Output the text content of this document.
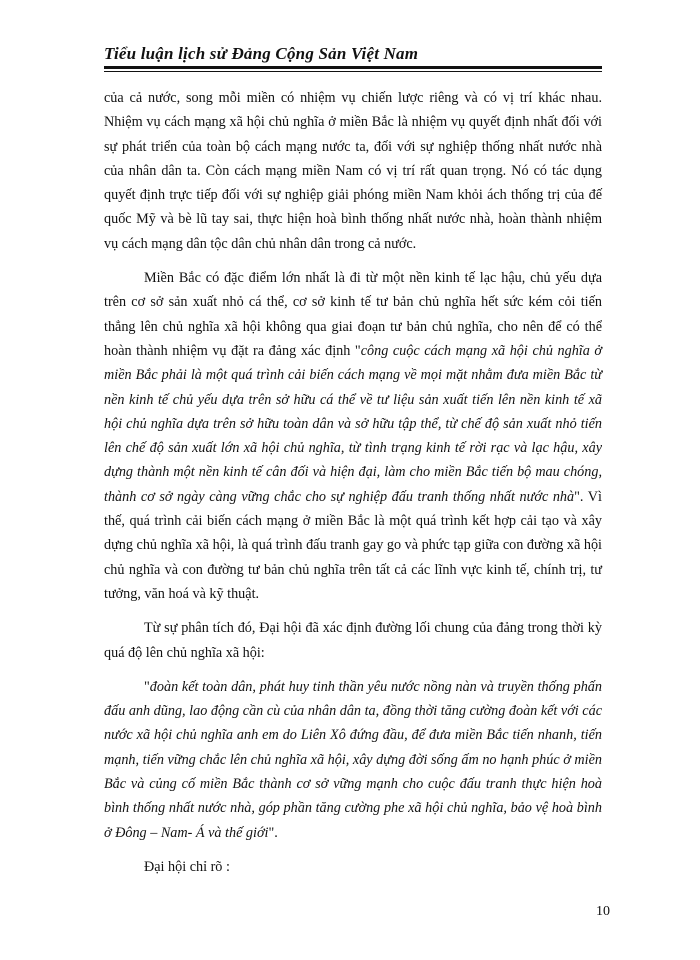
Tiểu luận lịch sử Đảng Cộng Sản Việt Nam

của cả nước, song mỗi miền có nhiệm vụ chiến lược riêng và có vị trí khác nhau. Nhiệm vụ cách mạng xã hội chủ nghĩa ở miền Bắc là nhiệm vụ quyết định nhất đối với sự phát triển của toàn bộ cách mạng nước ta, đối với sự nghiệp thống nhất nước nhà của nhân dân ta. Còn cách mạng miền Nam có vị trí rất quan trọng. Nó có tác dụng quyết định trực tiếp đối với sự nghiệp giải phóng miền Nam khỏi ách thống trị của đế quốc Mỹ và bè lũ tay sai, thực hiện hoà bình thống nhất nước nhà, hoàn thành nhiệm vụ cách mạng dân tộc dân chủ nhân dân trong cả nước.

Miền Bắc có đặc điểm lớn nhất là đi từ một nền kinh tế lạc hậu, chủ yếu dựa trên cơ sở sản xuất nhỏ cá thể, cơ sở kinh tế tư bản chủ nghĩa hết sức kém cỏi tiến thẳng lên chủ nghĩa xã hội không qua giai đoạn tư bản chủ nghĩa, cho nên để có thể hoàn thành nhiệm vụ đặt ra đảng xác định "công cuộc cách mạng xã hội chủ nghĩa ở miền Bắc phải là một quá trình cải biến cách mạng về mọi mặt nhằm đưa miền Bắc từ nền kinh tế chủ yếu dựa trên sở hữu cá thể về tư liệu sản xuất tiến lên nền kinh tế xã hội chủ nghĩa dựa trên sở hữu toàn dân và sở hữu tập thể, từ chế độ sản xuất nhỏ tiến lên chế độ sản xuất lớn xã hội chủ nghĩa, từ tình trạng kinh tế rời rạc và lạc hậu, xây dựng thành một nền kinh tế cân đối và hiện đại, làm cho miền Bắc tiến bộ mau chóng, thành cơ sở ngày càng vững chắc cho sự nghiệp đấu tranh thống nhất nước nhà". Vì thế, quá trình cải biến cách mạng ở miền Bắc là một quá trình kết hợp cải tạo và xây dựng chủ nghĩa xã hội, là quá trình đấu tranh gay go và phức tạp giữa con đường xã hội chủ nghĩa và con đường tư bản chủ nghĩa trên tất cả các lĩnh vực kinh tế, chính trị, tư tưởng, văn hoá và kỹ thuật.

Từ sự phân tích đó, Đại hội đã xác định đường lối chung của đảng trong thời kỳ quá độ lên chủ nghĩa xã hội:

"đoàn kết toàn dân, phát huy tinh thần yêu nước nồng nàn và truyền thống phấn đấu anh dũng, lao động cần cù của nhân dân ta, đồng thời tăng cường đoàn kết với các nước xã hội chủ nghĩa anh em do Liên Xô đứng đầu, để đưa miền Bắc tiến nhanh, tiến mạnh, tiến vững chắc lên chủ nghĩa xã hội, xây dựng đời sống ấm no hạnh phúc ở miền Bắc và củng cố miền Bắc thành cơ sở vững mạnh cho cuộc đấu tranh thực hiện hoà bình thống nhất nước nhà, góp phần tăng cường phe xã hội chủ nghĩa, bảo vệ hoà bình ở Đông – Nam- Á và thế giới".

Đại hội chỉ rõ :

10
